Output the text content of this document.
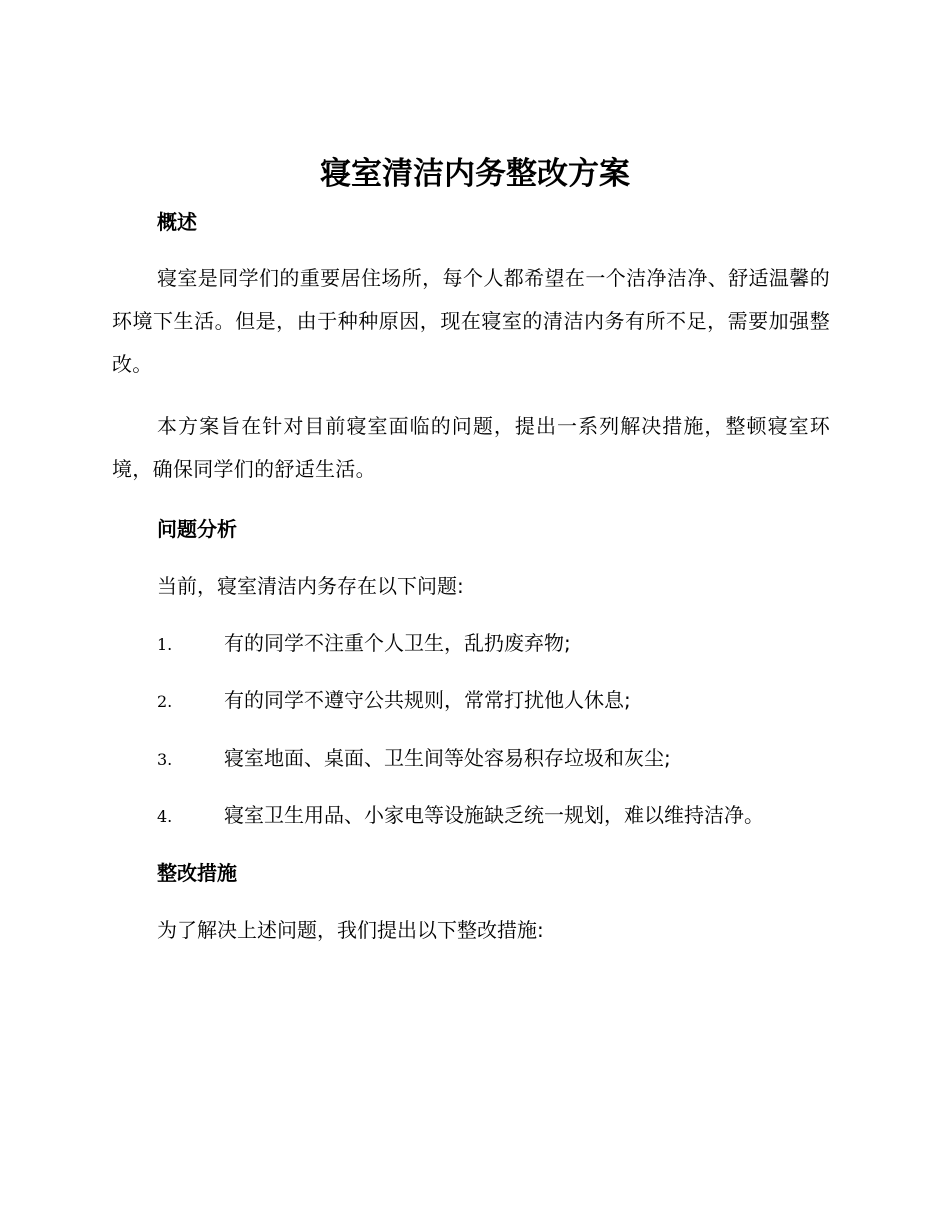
寝室清洁内务整改方案
概述

寝室是同学们的重要居住场所，每个人都希望在一个洁净洁净、舒适温馨的环境下生活。但是，由于种种原因，现在寝室的清洁内务有所不足，需要加强整改。

本方案旨在针对目前寝室面临的问题，提出一系列解决措施，整顿寝室环境，确保同学们的舒适生活。

问题分析

当前，寝室清洁内务存在以下问题:

1.	有的同学不注重个人卫生，乱扔废弃物;
2.	有的同学不遵守公共规则，常常打扰他人休息;
3.	寝室地面、桌面、卫生间等处容易积存垃圾和灰尘;
4.	寝室卫生用品、小家电等设施缺乏统一规划，难以维持洁净。
整改措施

为了解决上述问题，我们提出以下整改措施:
